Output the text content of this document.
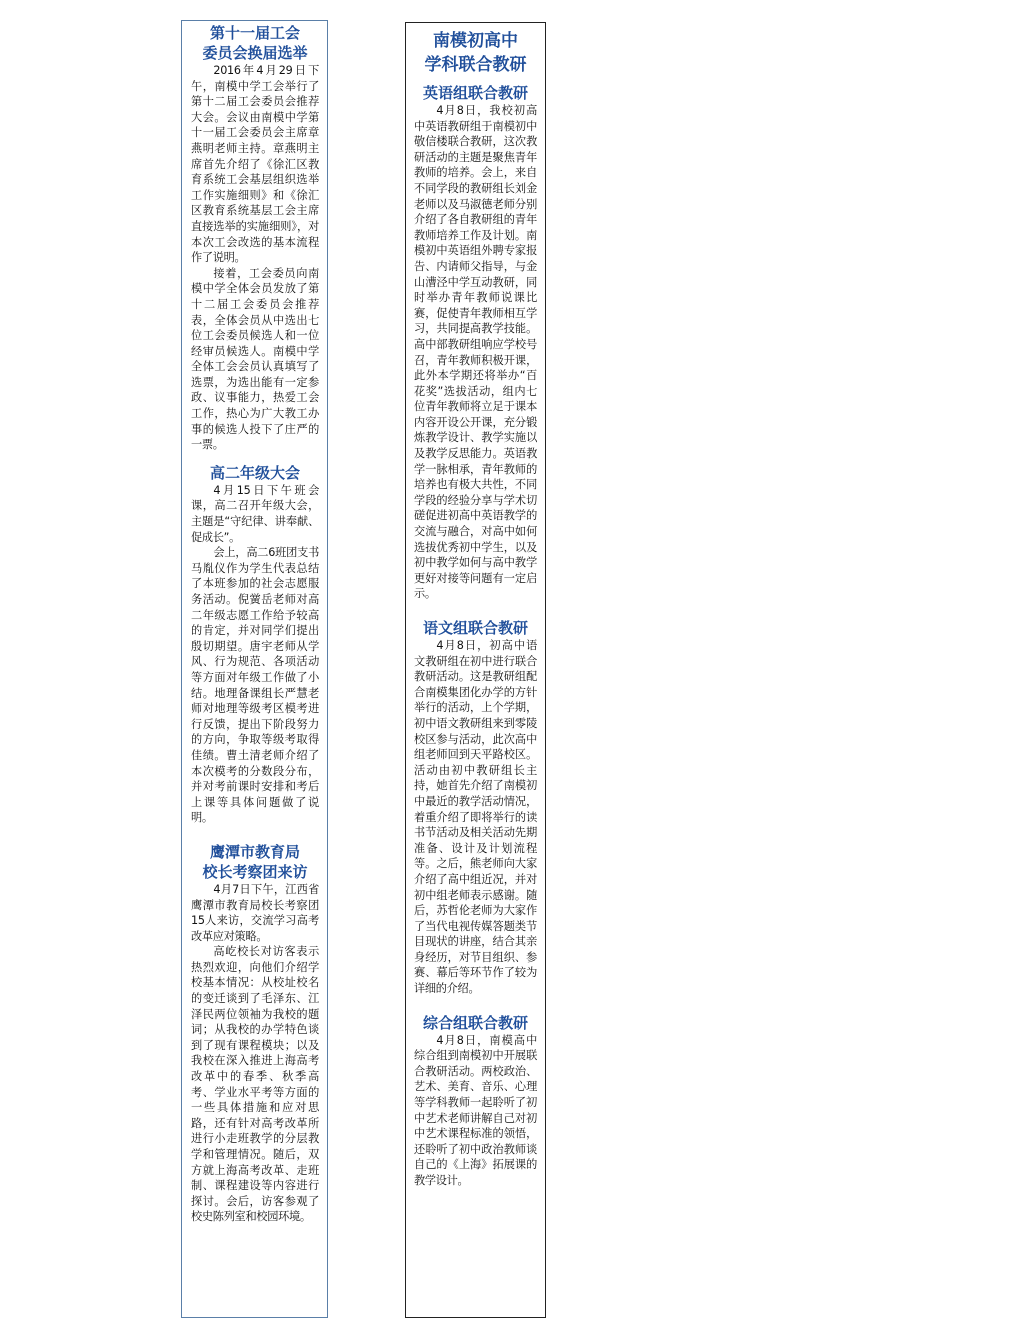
第十一届工会
委员会换届选举

2016年4月29日下午，南模中学工会举行了第十二届工会委员会推荐大会。会议由南模中学第十一届工会委员会主席章燕明老师主持。章燕明主席首先介绍了《徐汇区教育系统工会基层组织选举工作实施细则》和《徐汇区教育系统基层工会主席直接选举的实施细则》，对本次工会改选的基本流程作了说明。

接着，工会委员向南模中学全体会员发放了第十二届工会委员会推荐表，全体会员从中选出七位工会委员候选人和一位经审员候选人。南模中学全体工会会员认真填写了选票，为选出能有一定参政、议事能力，热爱工会工作，热心为广大教工办事的候选人投下了庄严的一票。

高二年级大会

4月15日下午班会课，高二召开年级大会，主题是“守纪律、讲奉献、促成长”。

会上，高二6班团支书马胤仪作为学生代表总结了本班参加的社会志愿服务活动。倪黉岳老师对高二年级志愿工作给予较高的肯定，并对同学们提出殷切期望。唐宇老师从学风、行为规范、各项活动等方面对年级工作做了小结。地理备课组长严慧老师对地理等级考区模考进行反馈，提出下阶段努力的方向，争取等级考取得佳绩。曹土清老师介绍了本次模考的分数段分布，并对考前课时安排和考后上课等具体问题做了说明。

鹰潭市教育局
校长考察团来访

4月7日下午，江西省鹰潭市教育局校长考察团15人来访，交流学习高考改革应对策略。

高屹校长对访客表示热烈欢迎，向他们介绍学校基本情况：从校址校名的变迁谈到了毛泽东、江泽民两位领袖为我校的题词；从我校的办学特色谈到了现有课程模块；以及我校在深入推进上海高考改革中的春季、秋季高考、学业水平考等方面的一些具体措施和应对思路，还有针对高考改革所进行小走班教学的分层教学和管理情况。随后，双方就上海高考改革、走班制、课程建设等内容进行探讨。会后，访客参观了校史陈列室和校园环境。

南模初高中
学科联合教研
英语组联合教研

4月8日，我校初高中英语教研组于南模初中敬信楼联合教研，这次教研活动的主题是聚焦青年教师的培养。会上，来自不同学段的教研组长刘金老师以及马淑德老师分别介绍了各自教研组的青年教师培养工作及计划。南模初中英语组外聘专家报告、内请师父指导，与金山漕泾中学互动教研，同时举办青年教师说课比赛，促使青年教师相互学习，共同提高教学技能。高中部教研组响应学校号召，青年教师积极开课，此外本学期还将举办“百花奖”选拔活动，组内七位青年教师将立足于课本内容开设公开课，充分锻炼教学设计、教学实施以及教学反思能力。英语教学一脉相承，青年教师的培养也有极大共性，不同学段的经验分享与学术切磋促进初高中英语教学的交流与融合，对高中如何选拔优秀初中学生，以及初中教学如何与高中教学更好对接等问题有一定启示。

语文组联合教研

4月8日，初高中语文教研组在初中进行联合教研活动。这是教研组配合南模集团化办学的方针举行的活动，上个学期，初中语文教研组来到零陵校区参与活动，此次高中组老师回到天平路校区。活动由初中教研组长主持，她首先介绍了南模初中最近的教学活动情况，着重介绍了即将举行的读书节活动及相关活动先期准备、设计及计划流程等。之后，熊老师向大家介绍了高中组近况，并对初中组老师表示感谢。随后，苏哲伦老师为大家作了当代电视传媒答题类节目现状的讲座，结合其亲身经历，对节目组织、参赛、幕后等环节作了较为详细的介绍。

综合组联合教研

4月8日，南模高中综合组到南模初中开展联合教研活动。两校政治、艺术、美育、音乐、心理等学科教师一起聆听了初中艺术老师讲解自己对初中艺术课程标准的领悟，还聆听了初中政治教师谈自己的《上海》拓展课的教学设计。
